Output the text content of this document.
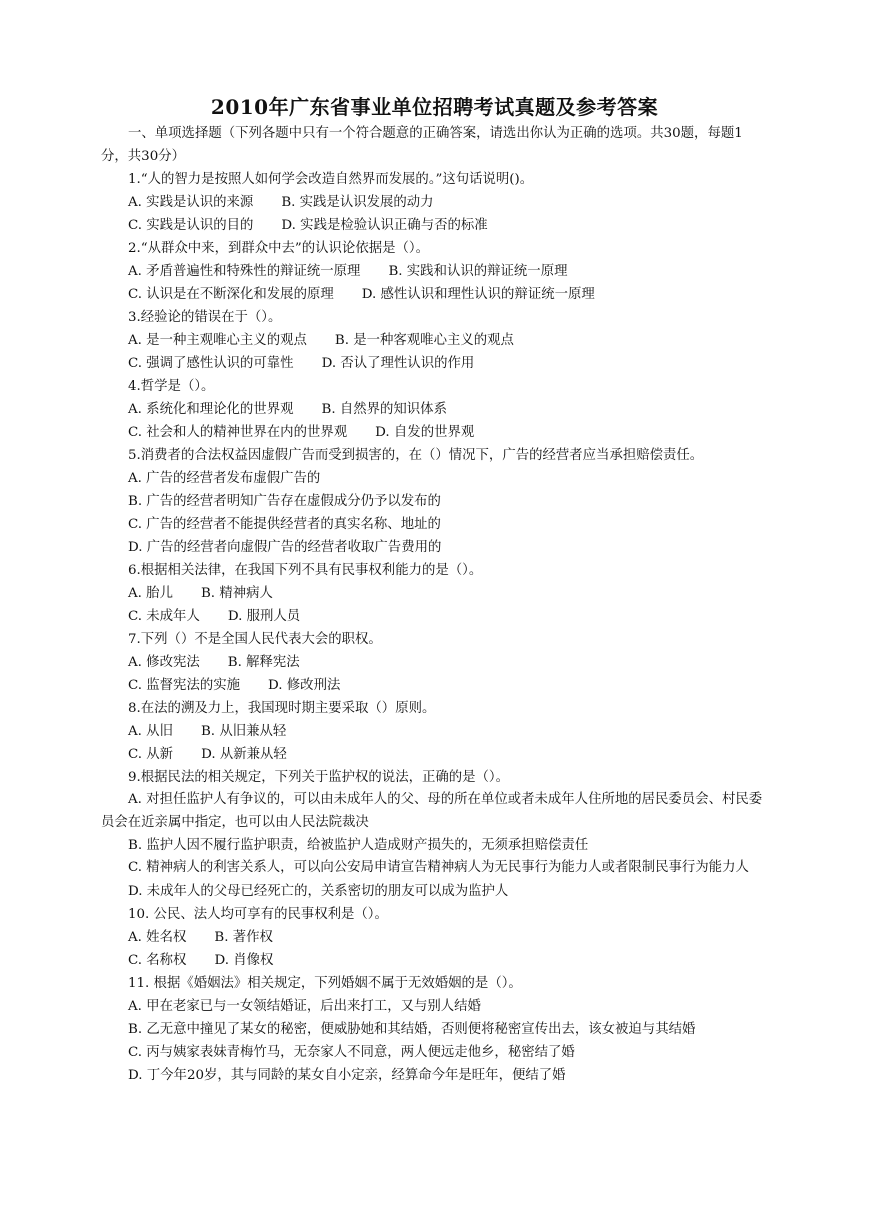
2010年广东省事业单位招聘考试真题及参考答案
一、单项选择题（下列各题中只有一个符合题意的正确答案，请选出你认为正确的选项。共30题，每题1分，共30分）
1.“人的智力是按照人如何学会改造自然界而发展的。”这句话说明()。
A. 实践是认识的来源 B. 实践是认识发展的动力
C. 实践是认识的目的 D. 实践是检验认识正确与否的标准
2.“从群众中来，到群众中去”的认识论依据是（）。
A. 矛盾普遍性和特殊性的辩证统一原理 B. 实践和认识的辩证统一原理
C. 认识是在不断深化和发展的原理 D. 感性认识和理性认识的辩证统一原理
3.经验论的错误在于（）。
A. 是一种主观唯心主义的观点 B. 是一种客观唯心主义的观点
C. 强调了感性认识的可靠性 D. 否认了理性认识的作用
4.哲学是（）。
A. 系统化和理论化的世界观 B. 自然界的知识体系
C. 社会和人的精神世界在内的世界观 D. 自发的世界观
5.消费者的合法权益因虚假广告而受到损害的，在（）情况下，广告的经营者应当承担赔偿责任。
A. 广告的经营者发布虚假广告的
B. 广告的经营者明知广告存在虚假成分仍予以发布的
C. 广告的经营者不能提供经营者的真实名称、地址的
D. 广告的经营者向虚假广告的经营者收取广告费用的
6.根据相关法律，在我国下列不具有民事权利能力的是（）。
A. 胎儿 B. 精神病人
C. 未成年人 D. 服刑人员
7.下列（）不是全国人民代表大会的职权。
A. 修改宪法 B. 解释宪法
C. 监督宪法的实施 D. 修改刑法
8.在法的溯及力上，我国现时期主要采取（）原则。
A. 从旧 B. 从旧兼从轻
C. 从新 D. 从新兼从轻
9.根据民法的相关规定，下列关于监护权的说法，正确的是（）。
A. 对担任监护人有争议的，可以由未成年人的父、母的所在单位或者未成年人住所地的居民委员会、村民委员会在近亲属中指定，也可以由人民法院裁决
B. 监护人因不履行监护职责，给被监护人造成财产损失的，无须承担赔偿责任
C. 精神病人的利害关系人，可以向公安局申请宣告精神病人为无民事行为能力人或者限制民事行为能力人
D. 未成年人的父母已经死亡的，关系密切的朋友可以成为监护人
10. 公民、法人均可享有的民事权利是（）。
A. 姓名权 B. 著作权
C. 名称权 D. 肖像权
11. 根据《婚姻法》相关规定，下列婚姻不属于无效婚姻的是（）。
A. 甲在老家已与一女领结婚证，后出来打工，又与别人结婚
B. 乙无意中撞见了某女的秘密，便威胁她和其结婚，否则便将秘密宣传出去，该女被迫与其结婚
C. 丙与姨家表妹青梅竹马，无奈家人不同意，两人便远走他乡，秘密结了婚
D. 丁今年20岁，其与同龄的某女自小定亲，经算命今年是旺年，便结了婚
